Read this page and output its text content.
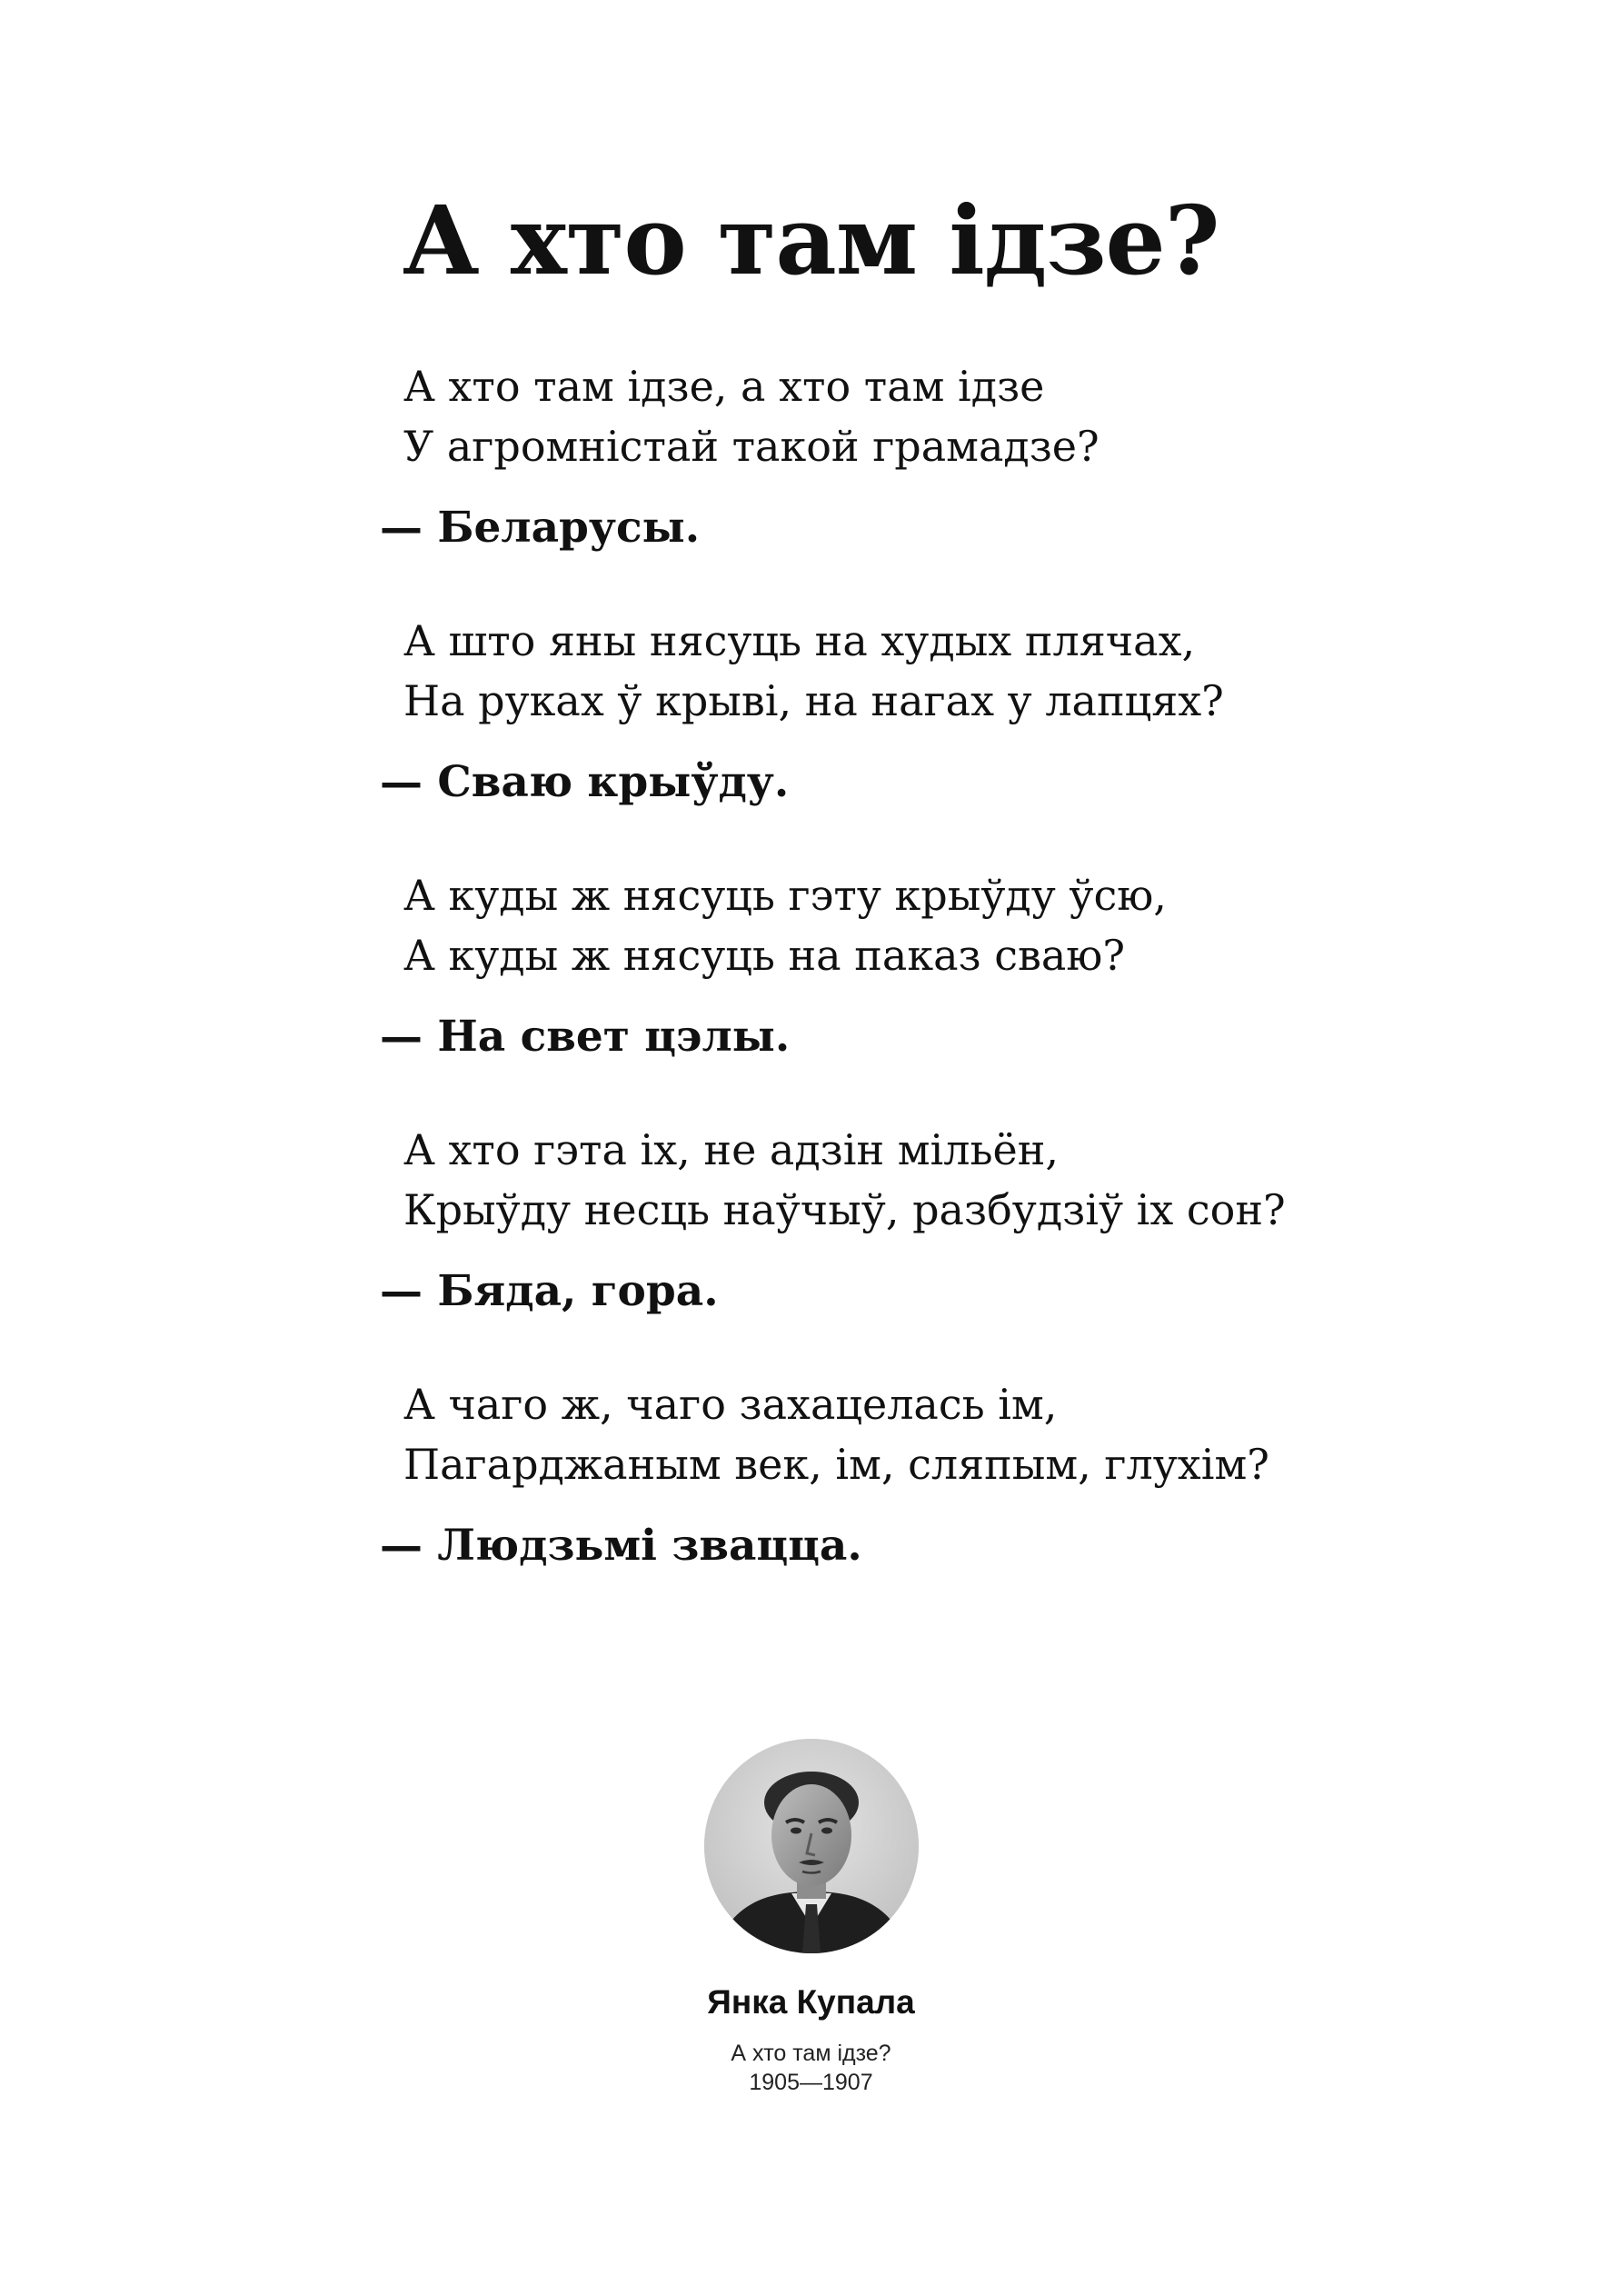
А хто там ідзе?
А хто там ідзе, а хто там ідзе
У агромністай такой грамадзе?
— Беларусы.
А што яны нясуць на худых плячах,
На руках ў крыві, на нагах у лапцях?
— Сваю крыўду.
А куды ж нясуць гэту крыўду ўсю,
А куды ж нясуць на паказ сваю?
— На свет цэлы.
А хто гэта іх, не адзін мільён,
Крыўду несць наўчыў, разбудзіў іх сон?
— Бяда, гора.
А чаго ж, чаго захацелась ім,
Пагарджаным век, ім, сляпым, глухім?
— Людзьмі звацца.
Янка Купала
А хто там ідзе?
1905—1907
